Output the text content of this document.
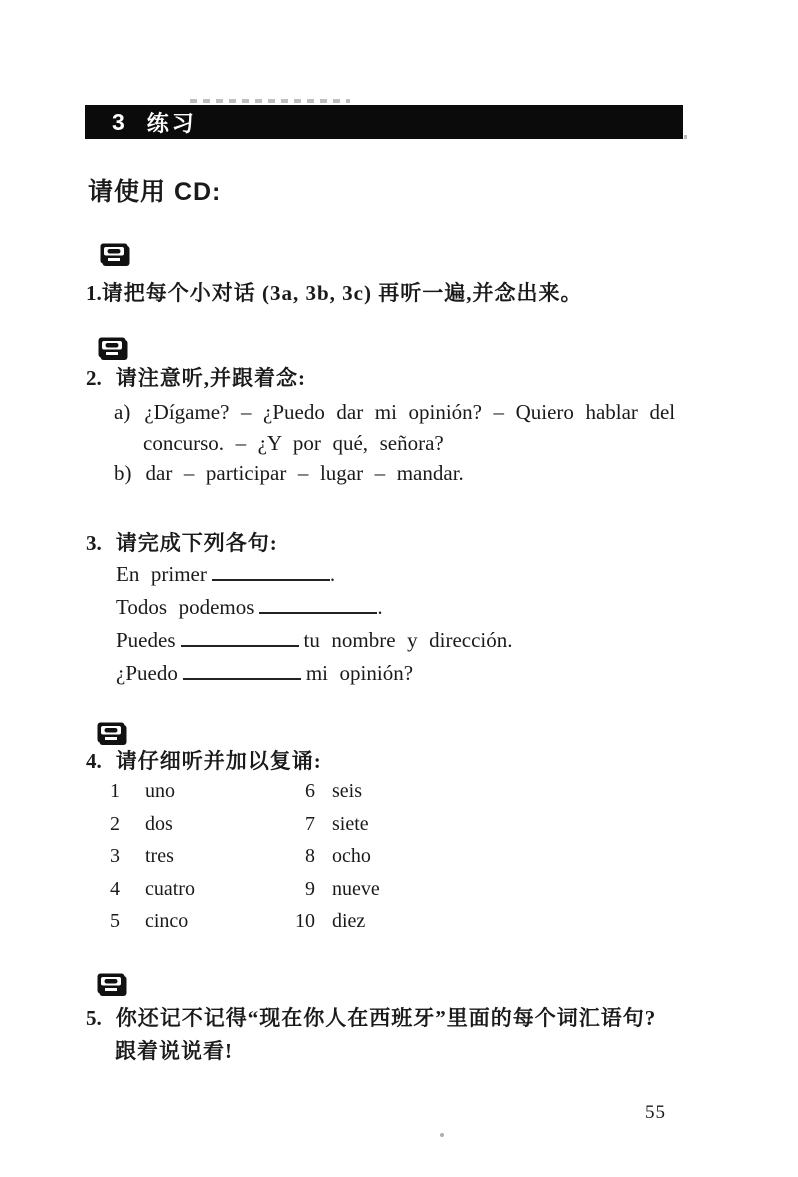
3 练习
请使用 CD:
1.请把每个小对话 (3a, 3b, 3c) 再听一遍,并念出来。
2. 请注意听,并跟着念:
a) ¿Dígame? – ¿Puedo dar mi opinión? – Quiero hablar del
concurso. – ¿Y por qué, señora?
b) dar – participar – lugar – mandar.
3. 请完成下列各句:
En primer	.
Todos podemos	.
Puedes	tu nombre y dirección.
¿Puedo	mi opinión?
4. 请仔细听并加以复诵:
1	uno	6 seis
2	dos	7 siete
3	tres	8 ocho
4	cuatro	9 nueve
5	cinco	10 diez
5. 你还记不记得“现在你人在西班牙”里面的每个词汇语句?
跟着说说看!
55
